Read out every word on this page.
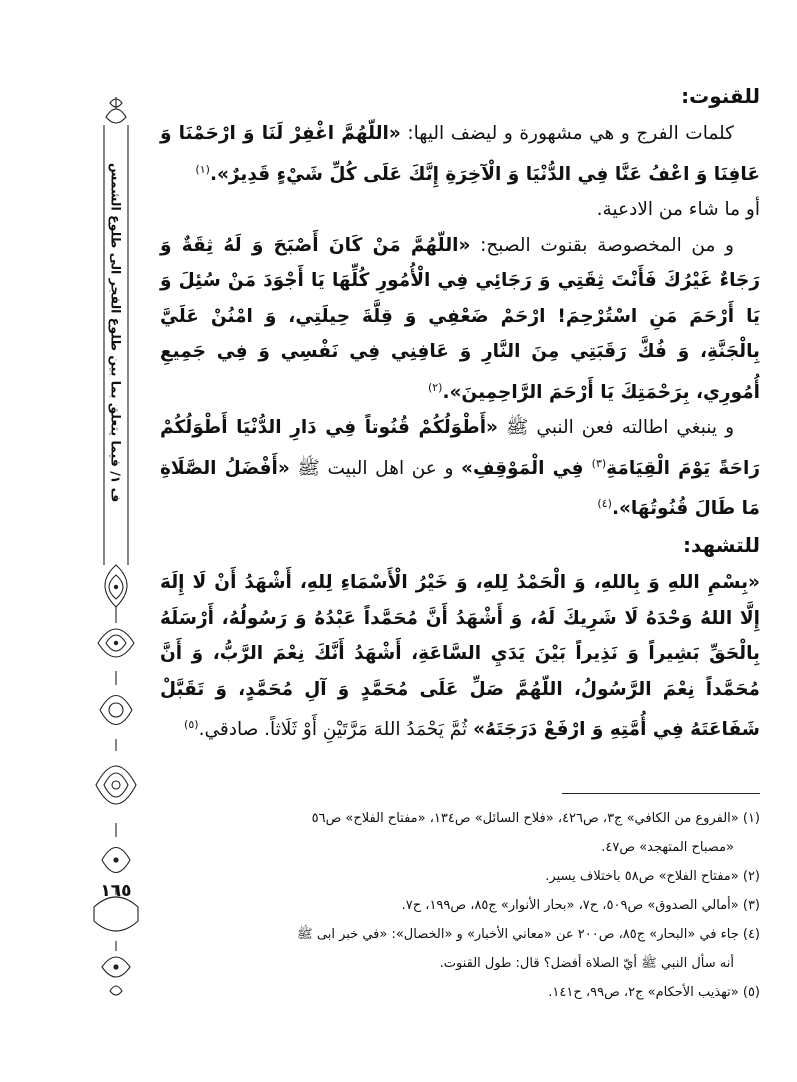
ف ١/ فيما يتعلق بما بين طلوع الفجر الى طلوع الشمس
١٦٥
للقنوت:

كلمات الفرج و هي مشهورة و ليضف اليها: «اللّهُمَّ اغْفِرْ لَنَا وَ ارْحَمْنَا وَ عَافِنَا وَ اعْفُ عَنَّا فِي الدُّنْيَا وَ الْآخِرَةِ إِنَّكَ عَلَى كُلِّ شَيْءٍ قَدِيرٌ».$^{(١)}$

أو ما شاء من الادعية.

و من المخصوصة بقنوت الصبح: «اللّهُمَّ مَنْ كَانَ أَصْبَحَ وَ لَهُ ثِقَةٌ وَ رَجَاءٌ غَيْرُكَ فَأَنْتَ ثِقَتِي وَ رَجَائِي فِي الْأُمُورِ كُلِّهَا يَا أَجْوَدَ مَنْ سُئِلَ وَ يَا أَرْحَمَ مَنِ اسْتُرْحِمَ! ارْحَمْ ضَعْفِي وَ قِلَّةَ حِيلَتِي، وَ امْنُنْ عَلَيَّ بِالْجَنَّةِ، وَ فُكَّ رَقَبَتِي مِنَ النَّارِ وَ عَافِنِي فِي نَفْسِي وَ فِي جَمِيعِ أُمُورِي، بِرَحْمَتِكَ يَا أَرْحَمَ الرَّاحِمِينَ».$^{(٢)}$

و ينبغي اطالته فعن النبي ﷺ «أَطْوَلُكُمْ قُنُوتاً فِي دَارِ الدُّنْيَا أَطْوَلُكُمْ رَاحَةً يَوْمَ الْقِيَامَةِ$^{(٣)}$ فِي الْمَوْقِفِ» و عن اهل البيت ﷺ «أَفْضَلُ الصَّلَاةِ مَا طَالَ قُنُوتُهَا».$^{(٤)}$

للتشهد:

«بِسْمِ اللهِ وَ بِاللهِ، وَ الْحَمْدُ لِلهِ، وَ خَيْرُ الْأَسْمَاءِ لِلهِ، أَشْهَدُ أَنْ لَا إِلَهَ إِلَّا اللهُ وَحْدَهُ لَا شَرِيكَ لَهُ، وَ أَشْهَدُ أَنَّ مُحَمَّداً عَبْدُهُ وَ رَسُولُهُ، أَرْسَلَهُ بِالْحَقِّ بَشِيراً وَ نَذِيراً بَيْنَ يَدَيِ السَّاعَةِ، أَشْهَدُ أَنَّكَ نِعْمَ الرَّبُّ، وَ أَنَّ مُحَمَّداً نِعْمَ الرَّسُولُ، اللّهُمَّ صَلِّ عَلَى مُحَمَّدٍ وَ آلِ مُحَمَّدٍ، وَ تَقَبَّلْ شَفَاعَتَهُ فِي أُمَّتِهِ وَ ارْفَعْ دَرَجَتَهُ» ثُمَّ يَحْمَدُ اللهَ مَرَّتَيْنِ أَوْ ثَلَاثاً. صادقي.$^{(٥)}$

(١) «الفروع من الكافي» ج٣، ص٤٢٦، «فلاح السائل» ص١٣٤، «مفتاح الفلاح» ص٥٦
«مصباح المتهجد» ص٤٧.
(٢) «مفتاح الفلاح» ص٥٨ باختلاف يسير.
(٣) «أمالي الصدوق» ص٥٠٩، ح٧، «بحار الأنوار» ج٨٥، ص١٩٩، ح٧.
(٤) جاء في «البحار» ج٨٥، ص٢٠٠ عن «معاني الأخبار» و «الخصال»: «في خبر ابى ﷺ
أنه سأل النبي ﷺ أيّ الصلاة أفضل؟ قال: طول القنوت.
(٥) «تهذيب الأحكام» ج٢، ص٩٩، ح١٤١.
